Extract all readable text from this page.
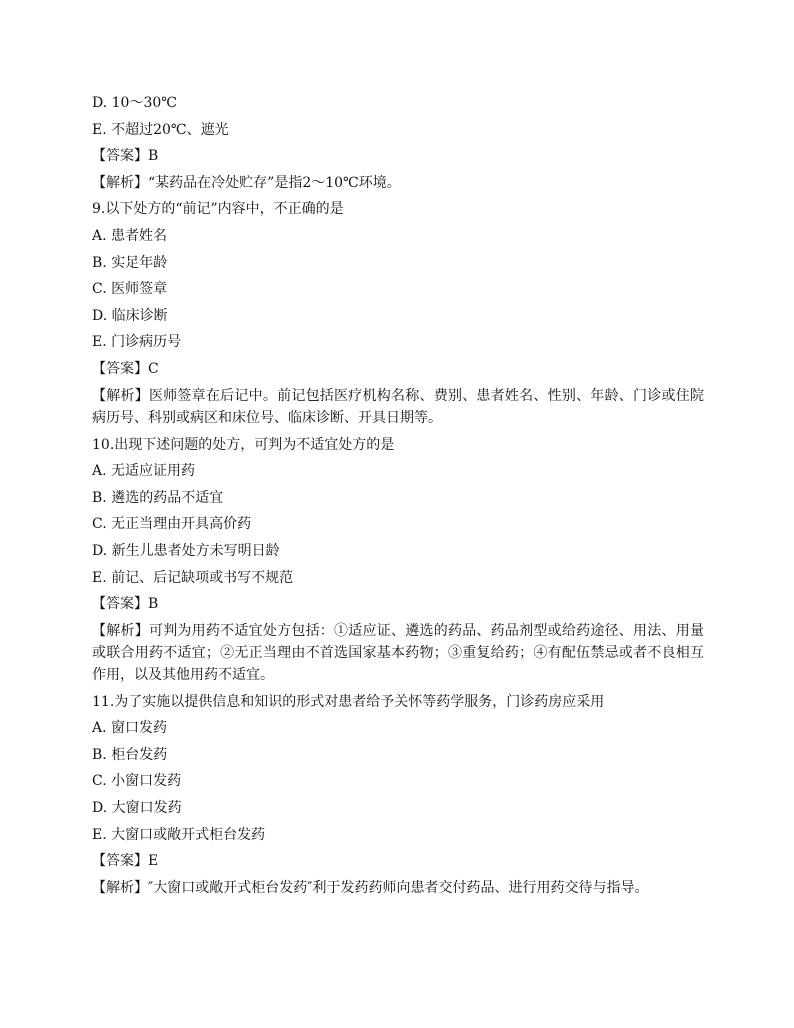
D. 10～30℃
E. 不超过20℃、遮光
【答案】B
【解析】“某药品在冷处贮存”是指2～10℃环境。
9.以下处方的“前记”内容中，不正确的是
A. 患者姓名
B. 实足年龄
C. 医师签章
D. 临床诊断
E. 门诊病历号
【答案】C
【解析】医师签章在后记中。前记包括医疗机构名称、费别、患者姓名、性别、年龄、门诊或住院病历号、科别或病区和床位号、临床诊断、开具日期等。
10.出现下述问题的处方，可判为不适宜处方的是
A. 无适应证用药
B. 遴选的药品不适宜
C. 无正当理由开具高价药
D. 新生儿患者处方未写明日龄
E. 前记、后记缺项或书写不规范
【答案】B
【解析】可判为用药不适宜处方包括：①适应证、遴选的药品、药品剂型或给药途径、用法、用量或联合用药不适宜；②无正当理由不首选国家基本药物；③重复给药；④有配伍禁忌或者不良相互作用，以及其他用药不适宜。
11.为了实施以提供信息和知识的形式对患者给予关怀等药学服务，门诊药房应采用
A. 窗口发药
B. 柜台发药
C. 小窗口发药
D. 大窗口发药
E. 大窗口或敞开式柜台发药
【答案】E
【解析】″大窗口或敞开式柜台发药″利于发药药师向患者交付药品、进行用药交待与指导。
